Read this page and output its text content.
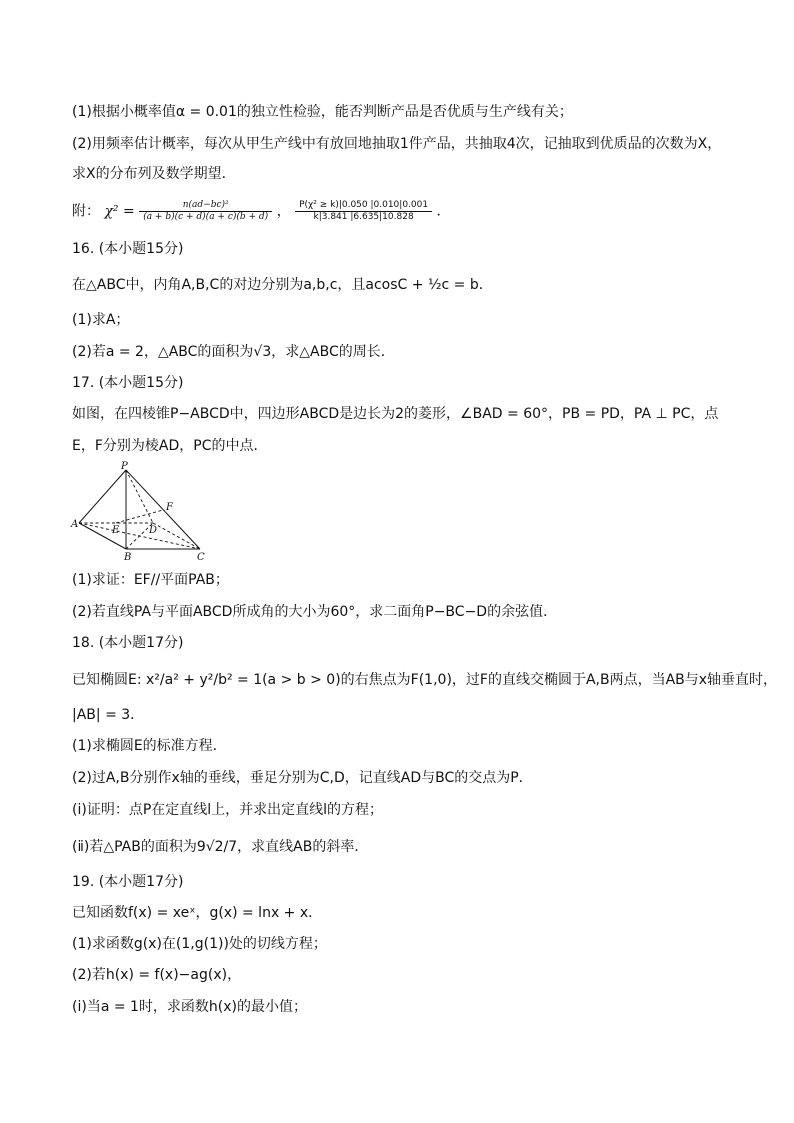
(1)根据小概率值α = 0.01的独立性检验，能否判断产品是否优质与生产线有关；
(2)用频率估计概率，每次从甲生产线中有放回地抽取1件产品，共抽取4次，记抽取到优质品的次数为X，
求X的分布列及数学期望．
附： $\chi^2 = \frac{\text{n(ad−bc)²}}{(a + b)(c + d)(a + c)(b + d)}$ ， $\frac{\text{P(χ² ≥ k)|0.050 |0.010|0.001}}{k|3.841 |6.635|10.828}$ ．
16. (本小题15分)
在△ABC中，内角A,B,C的对边分别为a,b,c，且acosC + ½c = b．
(1)求A；
(2)若a = 2，△ABC的面积为√3，求△ABC的周长．
17. (本小题15分)
如图，在四棱锥P−ABCD中，四边形ABCD是边长为2的菱形，∠BAD = 60°，PB = PD，PA ⊥ PC，点
E，F分别为棱AD，PC的中点．
P
A
B	C
D
E
F
(1)求证：EF//平面PAB；
(2)若直线PA与平面ABCD所成角的大小为60°，求二面角P−BC−D的余弦值．
18. (本小题17分)
已知椭圆E: x²/a² + y²/b² = 1(a > b > 0)的右焦点为F(1,0)，过F的直线交椭圆于A,B两点，当AB与x轴垂直时，
|AB| = 3．
(1)求椭圆E的标准方程．
(2)过A,B分别作x轴的垂线，垂足分别为C,D，记直线AD与BC的交点为P．
(ⅰ)证明：点P在定直线l上，并求出定直线l的方程；
(ⅱ)若△PAB的面积为9√2/7，求直线AB的斜率．
19. (本小题17分)
已知函数f(x) = xeˣ，g(x) = lnx + x．
(1)求函数g(x)在(1,g(1))处的切线方程；
(2)若h(x) = f(x)−ag(x)，
(i)当a = 1时，求函数h(x)的最小值；
